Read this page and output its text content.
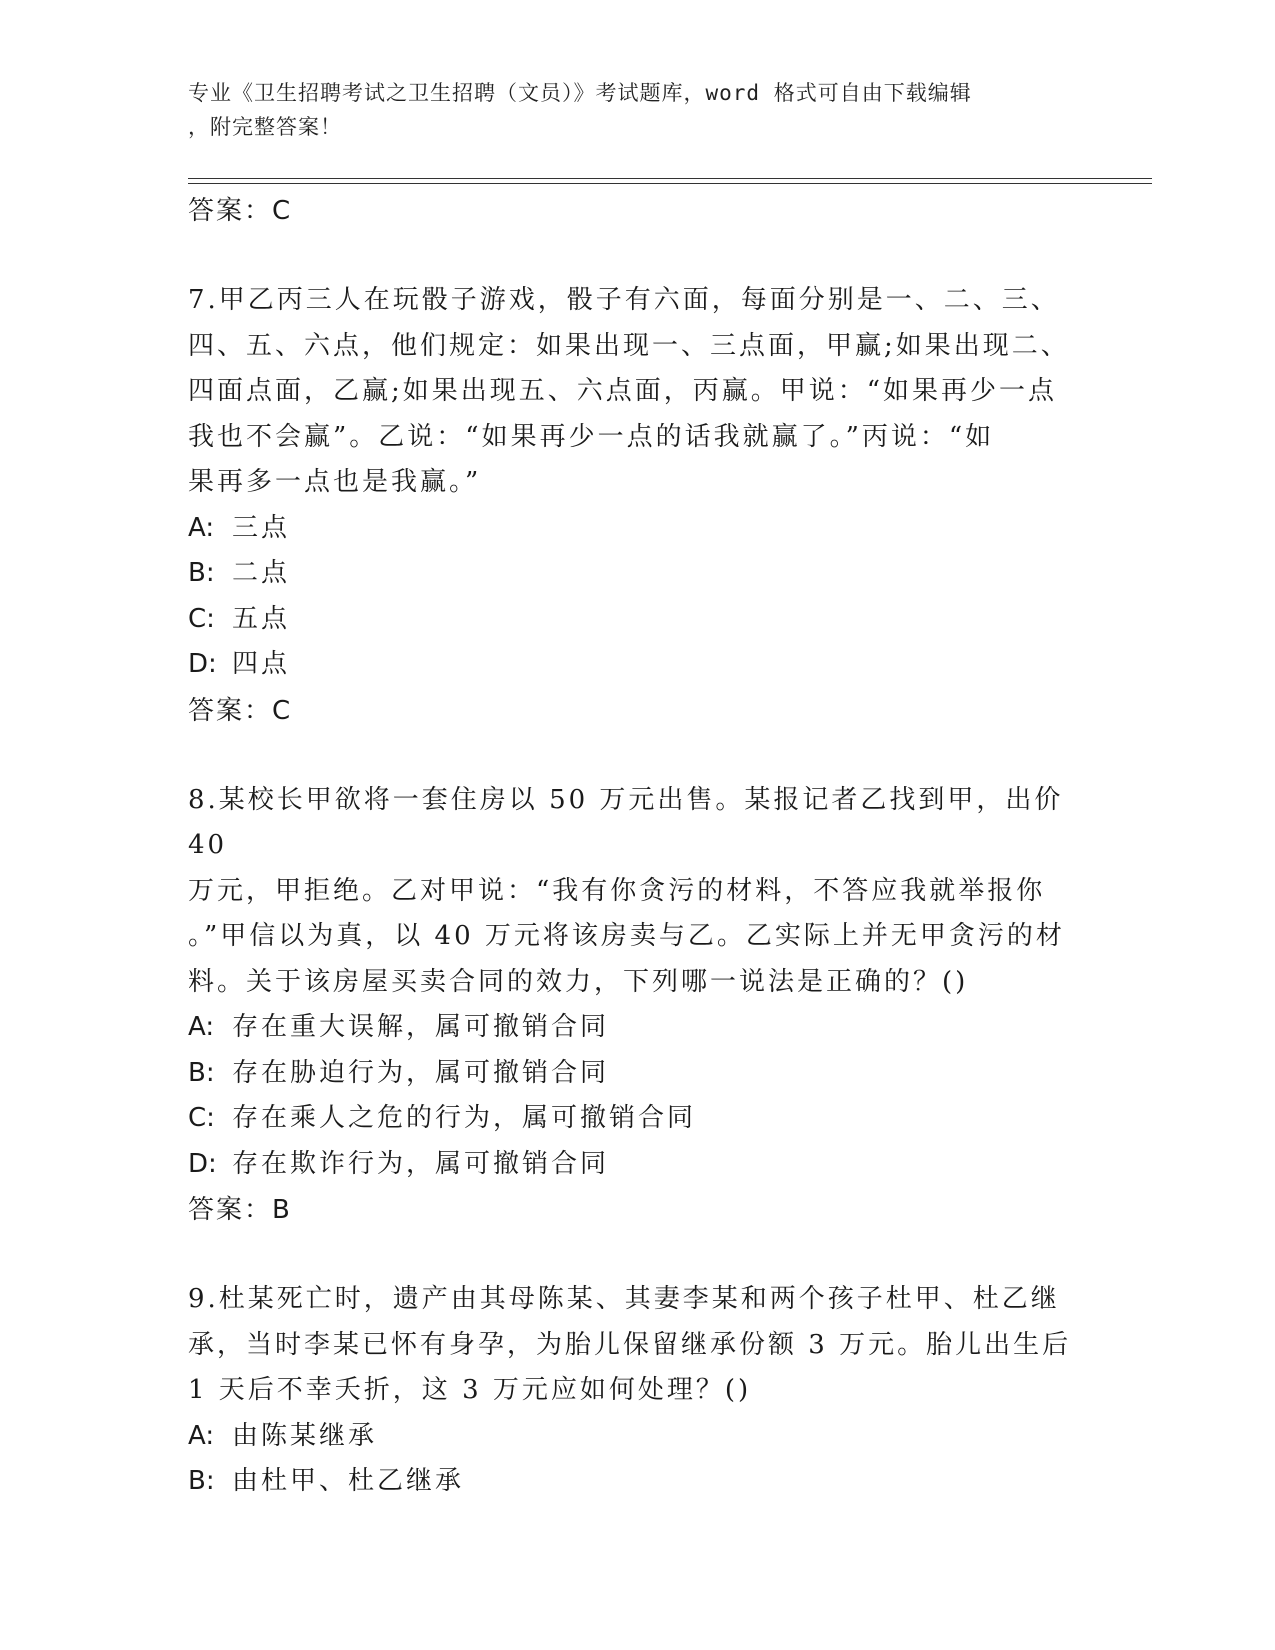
专业《卫生招聘考试之卫生招聘（文员）》考试题库，word 格式可自由下载编辑
，附完整答案！
答案：C
7.甲乙丙三人在玩骰子游戏，骰子有六面，每面分别是一、二、三、
四、五、六点，他们规定：如果出现一、三点面，甲赢;如果出现二、
四面点面，乙赢;如果出现五、六点面，丙赢。甲说：“如果再少一点
我也不会赢”。乙说：“如果再少一点的话我就赢了。”丙说：“如
果再多一点也是我赢。”
A: 三点
B: 二点
C: 五点
D: 四点
答案：C
8.某校长甲欲将一套住房以 50 万元出售。某报记者乙找到甲，出价 40
万元，甲拒绝。乙对甲说：“我有你贪污的材料，不答应我就举报你
。”甲信以为真，以 40 万元将该房卖与乙。乙实际上并无甲贪污的材
料。关于该房屋买卖合同的效力，下列哪一说法是正确的？()
A: 存在重大误解，属可撤销合同
B: 存在胁迫行为，属可撤销合同
C: 存在乘人之危的行为，属可撤销合同
D: 存在欺诈行为，属可撤销合同
答案：B
9.杜某死亡时，遗产由其母陈某、其妻李某和两个孩子杜甲、杜乙继
承，当时李某已怀有身孕，为胎儿保留继承份额 3 万元。胎儿出生后
1 天后不幸夭折，这 3 万元应如何处理？()
A: 由陈某继承
B: 由杜甲、杜乙继承
